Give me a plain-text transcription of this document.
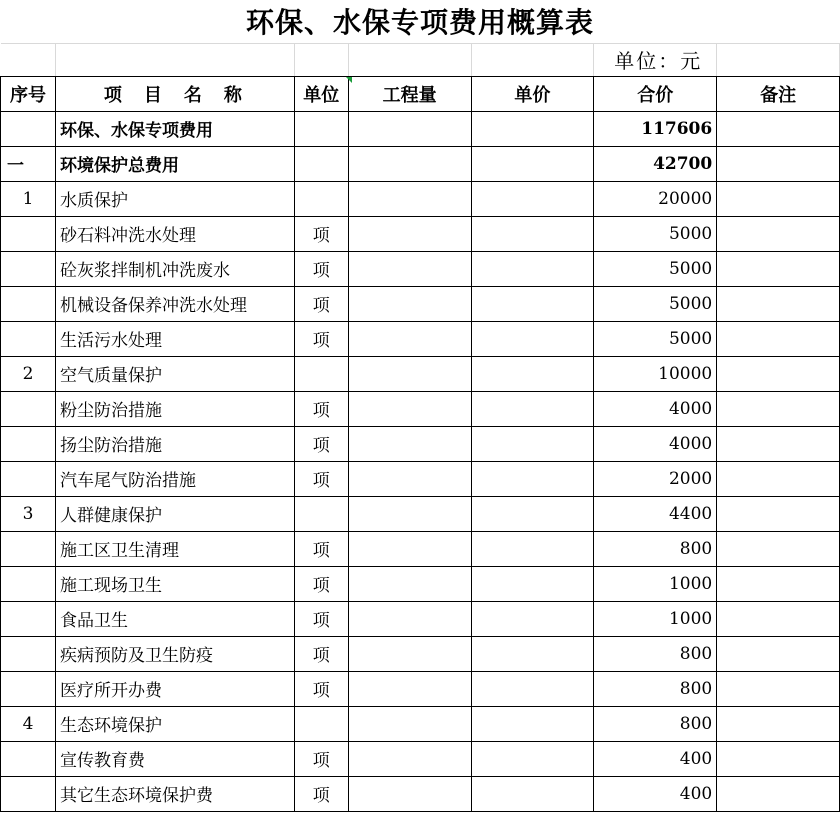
环保、水保专项费用概算表						
					单位：元	
序号	项目名称	单位	工程量	单价	合价	备注
	环保、水保专项费用				117606	
一	环境保护总费用				42700	
1	水质保护				20000	
	砂石料冲洗水处理	项			5000	
	砼灰浆拌制机冲洗废水	项			5000	
	机械设备保养冲洗水处理	项			5000	
	生活污水处理	项			5000	
2	空气质量保护				10000	
	粉尘防治措施	项			4000	
	扬尘防治措施	项			4000	
	汽车尾气防治措施	项			2000	
3	人群健康保护				4400	
	施工区卫生清理	项			800	
	施工现场卫生	项			1000	
	食品卫生	项			1000	
	疾病预防及卫生防疫	项			800	
	医疗所开办费	项			800	
4	生态环境保护				800	
	宣传教育费	项			400	
	其它生态环境保护费	项			400	
